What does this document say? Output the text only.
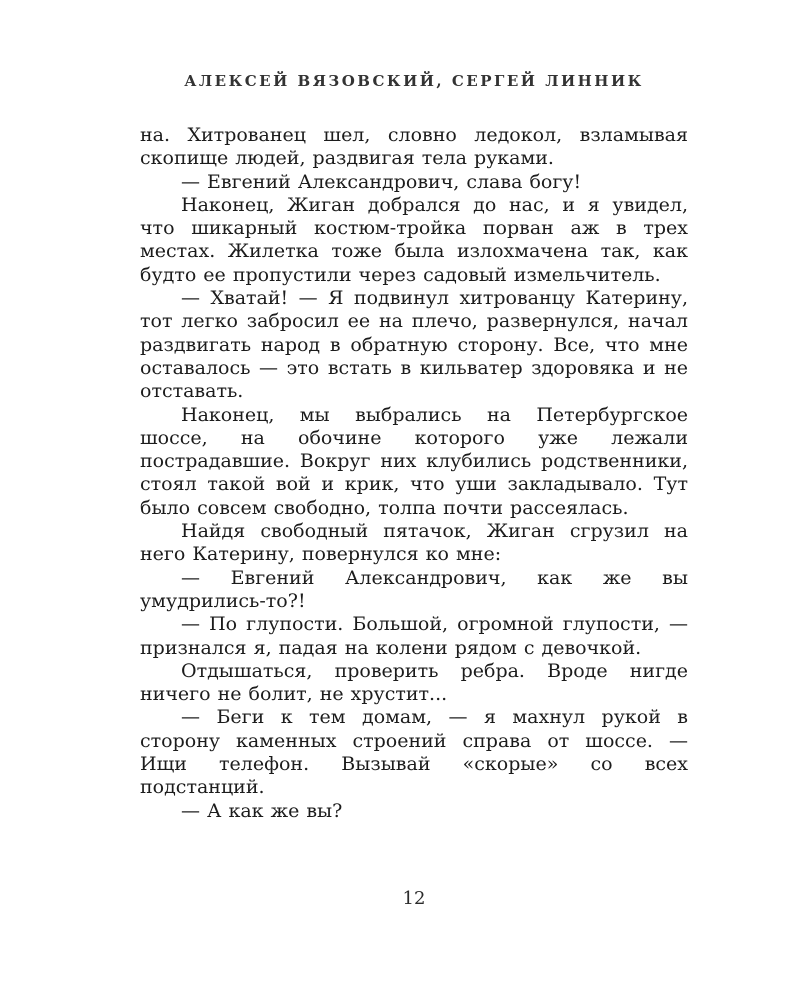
АЛЕКСЕЙ ВЯЗОВСКИЙ, СЕРГЕЙ ЛИННИК

на. Хитрованец шел, словно ледокол, взламывая скопище людей, раздвигая тела руками.

— Евгений Александрович, слава богу!

Наконец, Жиган добрался до нас, и я увидел, что шикарный костюм-тройка порван аж в трех местах. Жилетка тоже была излохмачена так, как будто ее пропустили через садовый измельчитель.

— Хватай! — Я подвинул хитрованцу Катерину, тот легко забросил ее на плечо, развернулся, начал раздвигать народ в обратную сторону. Все, что мне оставалось — это встать в кильватер здоровяка и не отставать.

Наконец, мы выбрались на Петербургское шоссе, на обочине которого уже лежали пострадавшие. Вокруг них клубились родственники, стоял такой вой и крик, что уши закладывало. Тут было совсем свободно, толпа почти рассеялась.

Найдя свободный пятачок, Жиган сгрузил на него Катерину, повернулся ко мне:

— Евгений Александрович, как же вы умудрились-то?!

— По глупости. Большой, огромной глупости, — признался я, падая на колени рядом с девочкой.

Отдышаться, проверить ребра. Вроде нигде ничего не болит, не хрустит...

— Беги к тем домам, — я махнул рукой в сторону каменных строений справа от шоссе. — Ищи телефон. Вызывай «скорые» со всех подстанций.

— А как же вы?

12
